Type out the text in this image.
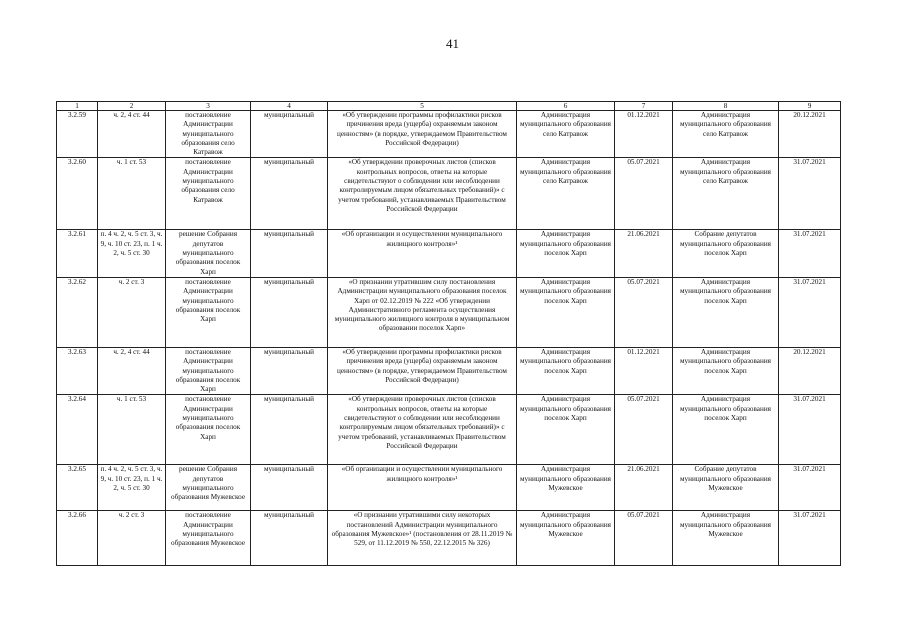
41
1	2	3	4	5	6	7	8	9
3.2.59	ч. 2, 4 ст. 44	постановление Администрации муниципального образования село Катравож	муниципальный	«Об утверждении программы профилактики рисков причинения вреда (ущерба) охраняемым законом ценностям» (в порядке, утверждаемом Правительством Российской Федерации)	Администрация муниципального образования село Катравож	01.12.2021	Администрация муниципального образования село Катравож	20.12.2021
3.2.60	ч. 1 ст. 53	постановление Администрации муниципального образования село Катравож	муниципальный	«Об утверждении проверочных листов (списков контрольных вопросов, ответы на которые свидетельствуют о соблюдении или несоблюдении контролируемым лицом обязательных требований)» с учетом требований, устанавливаемых Правительством Российской Федерации	Администрация муниципального образования село Катравож	05.07.2021	Администрация муниципального образования село Катравож	31.07.2021
3.2.61	п. 4 ч. 2, ч. 5 ст. 3, ч. 9, ч. 10 ст. 23, п. 1 ч. 2, ч. 5 ст. 30	решение Собрания депутатов муниципального образования поселок Харп	муниципальный	«Об организации и осуществлении муниципального жилищного контроля»¹	Администрация муниципального образования поселок Харп	21.06.2021	Собрание депутатов муниципального образования поселок Харп	31.07.2021
3.2.62	ч. 2 ст. 3	постановление Администрации муниципального образования поселок Харп	муниципальный	«О признании утратившим силу постановления Администрации муниципального образования поселок Харп от 02.12.2019 № 222 «Об утверждении Административного регламента осуществления муниципального жилищного контроля в муниципальном образовании поселок Харп»	Администрация муниципального образования поселок Харп	05.07.2021	Администрация муниципального образования поселок Харп	31.07.2021
3.2.63	ч. 2, 4 ст. 44	постановление Администрации муниципального образования поселок Харп	муниципальный	«Об утверждении программы профилактики рисков причинения вреда (ущерба) охраняемым законом ценностям» (в порядке, утверждаемом Правительством Российской Федерации)	Администрация муниципального образования поселок Харп	01.12.2021	Администрация муниципального образования поселок Харп	20.12.2021
3.2.64	ч. 1 ст. 53	постановление Администрации муниципального образования поселок Харп	муниципальный	«Об утверждении проверочных листов (списков контрольных вопросов, ответы на которые свидетельствуют о соблюдении или несоблюдении контролируемым лицом обязательных требований)» с учетом требований, устанавливаемых Правительством Российской Федерации	Администрация муниципального образования поселок Харп	05.07.2021	Администрация муниципального образования поселок Харп	31.07.2021
3.2.65	п. 4 ч. 2, ч. 5 ст. 3, ч. 9, ч. 10 ст. 23, п. 1 ч. 2, ч. 5 ст. 30	решение Собрания депутатов муниципального образования Мужевское	муниципальный	«Об организации и осуществлении муниципального жилищного контроля»¹	Администрация муниципального образования Мужевское	21.06.2021	Собрание депутатов муниципального образования Мужевское	31.07.2021
3.2.66	ч. 2 ст. 3	постановление Администрации муниципального образования Мужевское	муниципальный	«О признании утратившими силу некоторых постановлений Администрации муниципального образования Мужевское»¹ (постановления от 28.11.2019 № 529, от 11.12.2019 № 550, 22.12.2015 № 326)	Администрация муниципального образования Мужевское	05.07.2021	Администрация муниципального образования Мужевское	31.07.2021
